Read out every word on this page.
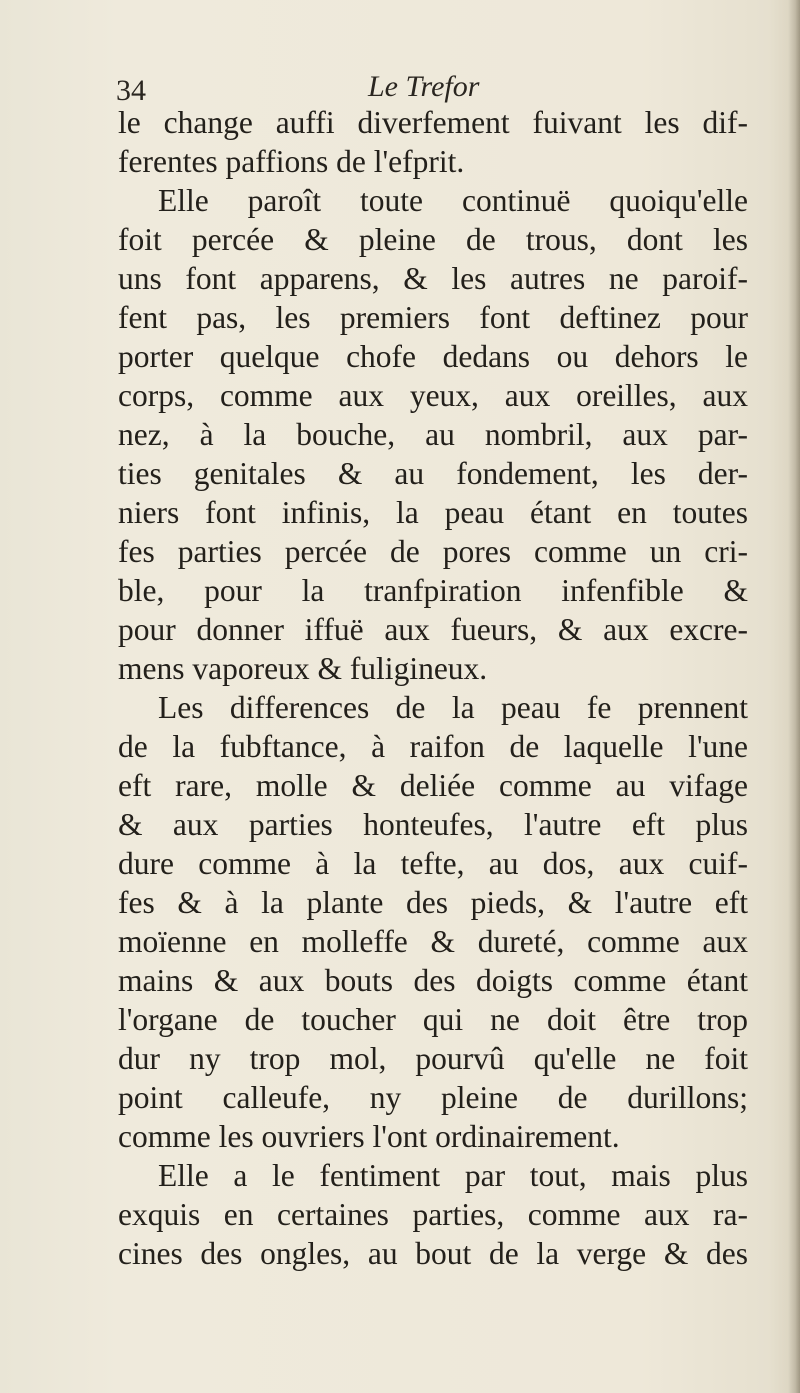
34	Le Trefor
le change auffi diverfement fuivant les dif-
ferentes paffions de l'efprit.
Elle paroît toute continuë quoiqu'elle
foit percée & pleine de trous, dont les
uns font apparens, & les autres ne paroif-
fent pas, les premiers font deftinez pour
porter quelque chofe dedans ou dehors le
corps, comme aux yeux, aux oreilles, aux
nez, à la bouche, au nombril, aux par-
ties genitales & au fondement, les der-
niers font infinis, la peau étant en toutes
fes parties percée de pores comme un cri-
ble, pour la tranfpiration infenfible &
pour donner iffuë aux fueurs, & aux excre-
mens vaporeux & fuligineux.
Les differences de la peau fe prennent
de la fubftance, à raifon de laquelle l'une
eft rare, molle & deliée comme au vifage
& aux parties honteufes, l'autre eft plus
dure comme à la tefte, au dos, aux cuif-
fes & à la plante des pieds, & l'autre eft
moïenne en molleffe & dureté, comme aux
mains & aux bouts des doigts comme étant
l'organe de toucher qui ne doit être trop
dur ny trop mol, pourvû qu'elle ne foit
point calleufe, ny pleine de durillons;
comme les ouvriers l'ont ordinairement.
Elle a le fentiment par tout, mais plus
exquis en certaines parties, comme aux ra-
cines des ongles, au bout de la verge & des
